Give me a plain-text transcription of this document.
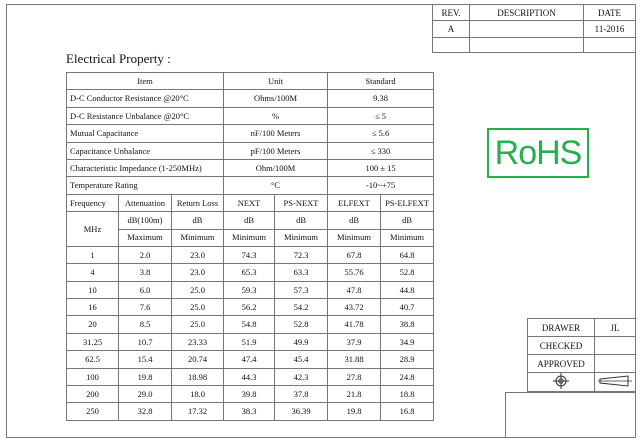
REV.	DESCRIPTION	DATE
A		11-2016

Electrical Property :
Item			Unit		Standard	
D-C Conductor Resistance @20°C			Ohms/100M		9.38	
D-C Resistance Unbalance @20°C			%		≤ 5	
Mutual Capacitance			nF/100 Meters		≤ 5.6	
Capacitance Unbalance			pF/100 Meters		≤ 330	
Characteristic Impedance (1-250MHz)			Ohm/100M		100 ± 15	
Temperature Rating			°C		-10~+75	
Frequency	Attenuation	Return Loss	NEXT	PS-NEXT	ELFEXT	PS-ELFEXT
MHz	dB(100m)	dB	dB	dB	dB	dB
	Maximum	Minimum	Minimum	Minimum	Minimum	Minimum
1	2.0	23.0	74.3	72.3	67.8	64.8
4	3.8	23.0	65.3	63.3	55.76	52.8
10	6.0	25.0	59.3	57.3	47.8	44.8
16	7.6	25.0	56.2	54.2	43.72	40.7
20	8.5	25.0	54.8	52.8	41.78	38.8
31.25	10.7	23.33	51.9	49.9	37.9	34.9
62.5	15.4	20.74	47.4	45.4	31.88	28.9
100	19.8	18.98	44.3	42.3	27.8	24.8
200	29.0	18.0	39.8	37.8	21.8	18.8
250	32.8	17.32	38.3	36.39	19.8	16.8
RoHS
DRAWER	JL
CHECKED	
APPROVED	
